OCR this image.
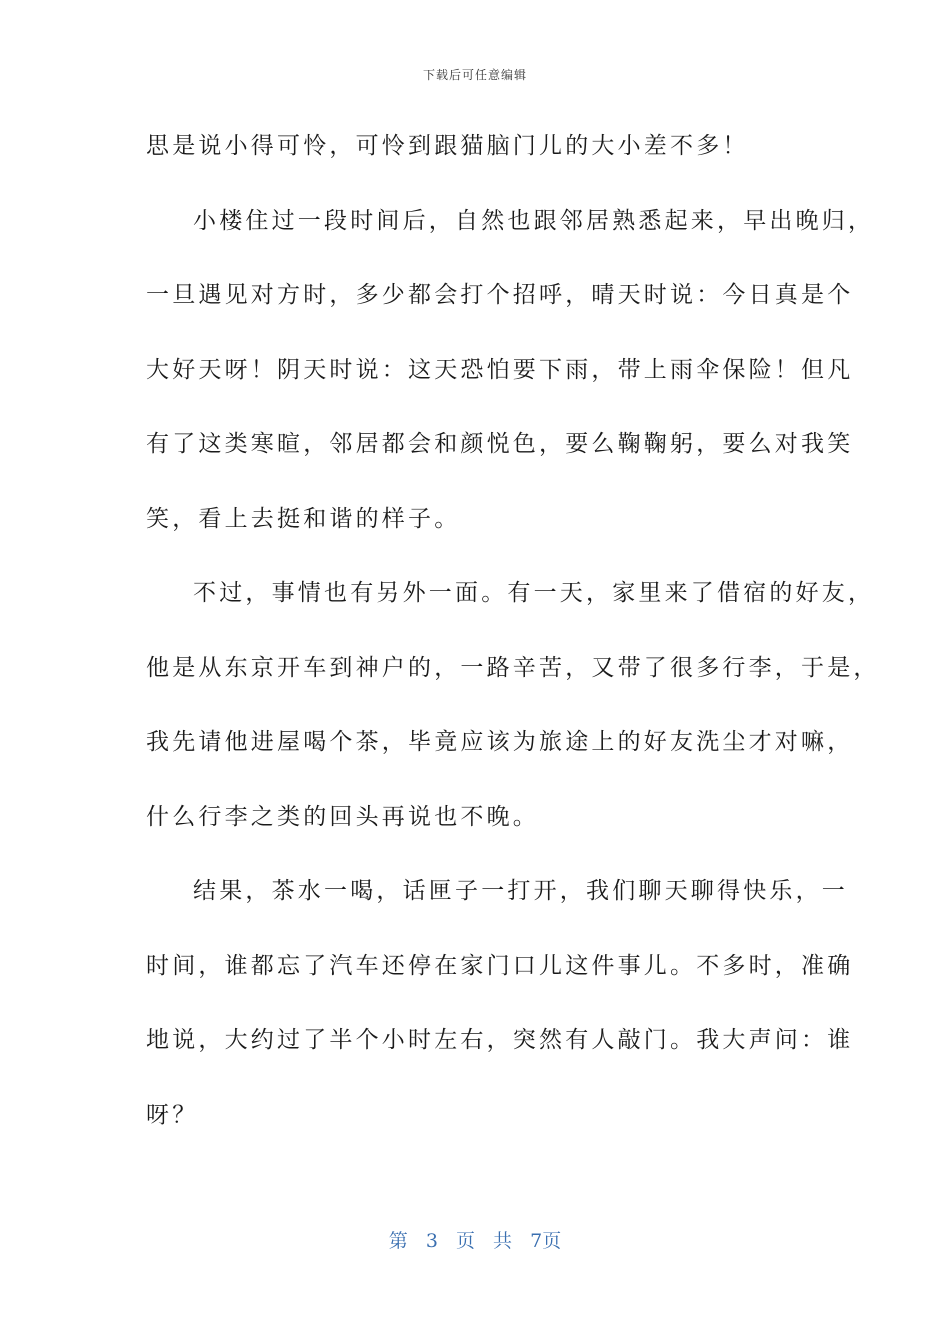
下载后可任意编辑
思是说小得可怜，可怜到跟猫脑门儿的大小差不多！
小楼住过一段时间后，自然也跟邻居熟悉起来，早出晚归，
一旦遇见对方时，多少都会打个招呼，晴天时说：今日真是个
大好天呀！阴天时说：这天恐怕要下雨，带上雨伞保险！但凡
有了这类寒暄，邻居都会和颜悦色，要么鞠鞠躬，要么对我笑
笑，看上去挺和谐的样子。
不过，事情也有另外一面。有一天，家里来了借宿的好友，
他是从东京开车到神户的，一路辛苦，又带了很多行李，于是，
我先请他进屋喝个茶，毕竟应该为旅途上的好友洗尘才对嘛，
什么行李之类的回头再说也不晚。
结果，茶水一喝，话匣子一打开，我们聊天聊得快乐，一
时间，谁都忘了汽车还停在家门口儿这件事儿。不多时，准确
地说，大约过了半个小时左右，突然有人敲门。我大声问：谁
呀？
第 3 页 共 7页
